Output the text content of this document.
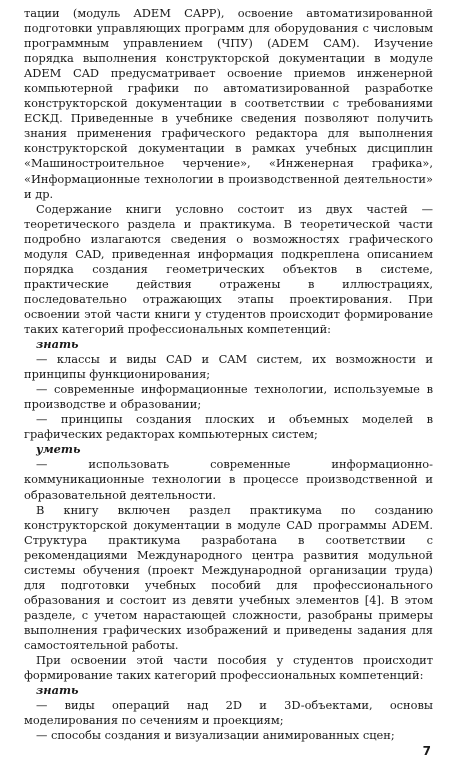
тации (модуль ADEM CAPP), освоение автоматизированной подготовки управляющих программ для оборудования с числовым программным управлением (ЧПУ) (ADEM CAM). Изучение порядка выполнения конструкторской документации в модуле ADEM CAD предусматривает освоение приемов инженерной компьютерной графики по автоматизированной разработке конструкторской документации в соответствии с требованиями ЕСКД. Приведенные в учебнике сведения позволяют получить знания применения графического редактора для выполнения конструкторской документации в рамках учебных дисциплин «Машиностроительное черчение», «Инженерная графика», «Информационные технологии в производственной деятельности» и др.

Содержание книги условно состоит из двух частей — теоретического раздела и практикума. В теоретической части подробно излагаются сведения о возможностях графического модуля CAD, приведенная информация подкреплена описанием порядка создания геометрических объектов в системе, практические действия отражены в иллюстрациях, последовательно отражающих этапы проектирования. При освоении этой части книги у студентов происходит формирование таких категорий профессиональных компетенций:

знать

— классы и виды CAD и CAM систем, их возможности и принципы функционирования;

— современные информационные технологии, используемые в производстве и образовании;

— принципы создания плоских и объемных моделей в графических редакторах компьютерных систем;

уметь

— использовать современные информационно-коммуникационные технологии в процессе производственной и образовательной деятельности.

В книгу включен раздел практикума по созданию конструкторской документации в модуле CAD программы ADEM. Структура практикума разработана в соответствии с рекомендациями Международного центра развития модульной системы обучения (проект Международной организации труда) для подготовки учебных пособий для профессионального образования и состоит из девяти учебных элементов [4]. В этом разделе, с учетом нарастающей сложности, разобраны примеры выполнения графических изображений и приведены задания для самостоятельной работы.

При освоении этой части пособия у студентов происходит формирование таких категорий профессиональных компетенций:

знать

— виды операций над 2D и 3D-объектами, основы моделирования по сечениям и проекциям;

— способы создания и визуализации анимированных сцен;

7
